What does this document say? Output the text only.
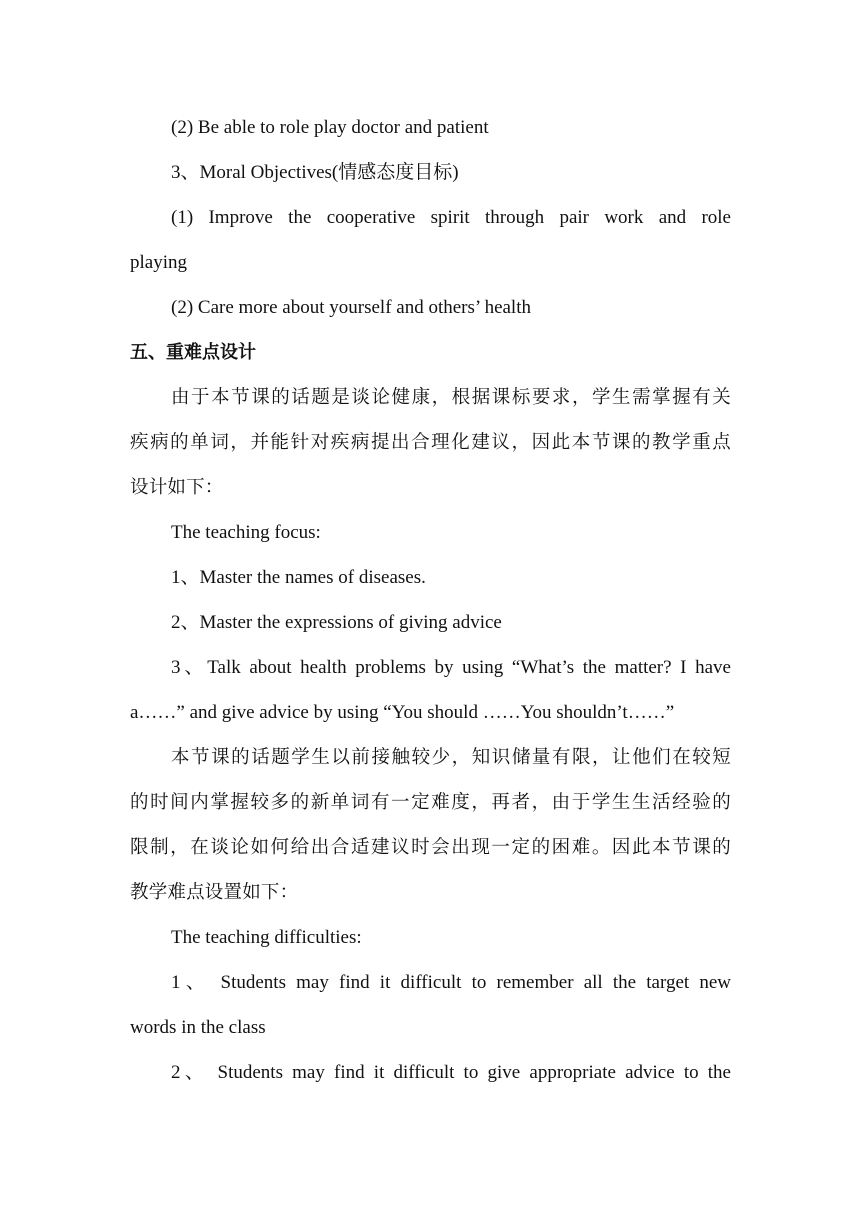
(2) Be able to role play doctor and patient
3、Moral Objectives(情感态度目标)
(1) Improve the cooperative spirit through pair work and role
playing
(2) Care more about yourself and others’ health
五、重难点设计
由于本节课的话题是谈论健康，根据课标要求，学生需掌握有关
疾病的单词，并能针对疾病提出合理化建议，因此本节课的教学重点
设计如下：
The teaching focus:
1、Master the names of diseases.
2、Master the expressions of giving advice
3、Talk about health problems by using “What’s the matter? I have
a……” and give advice by using “You should ……You shouldn’t……”
本节课的话题学生以前接触较少，知识储量有限，让他们在较短
的时间内掌握较多的新单词有一定难度，再者，由于学生生活经验的
限制，在谈论如何给出合适建议时会出现一定的困难。因此本节课的
教学难点设置如下：
The teaching difficulties:
1、 Students may find it difficult to remember all the target new
words in the class
2、 Students may find it difficult to give appropriate advice to the
